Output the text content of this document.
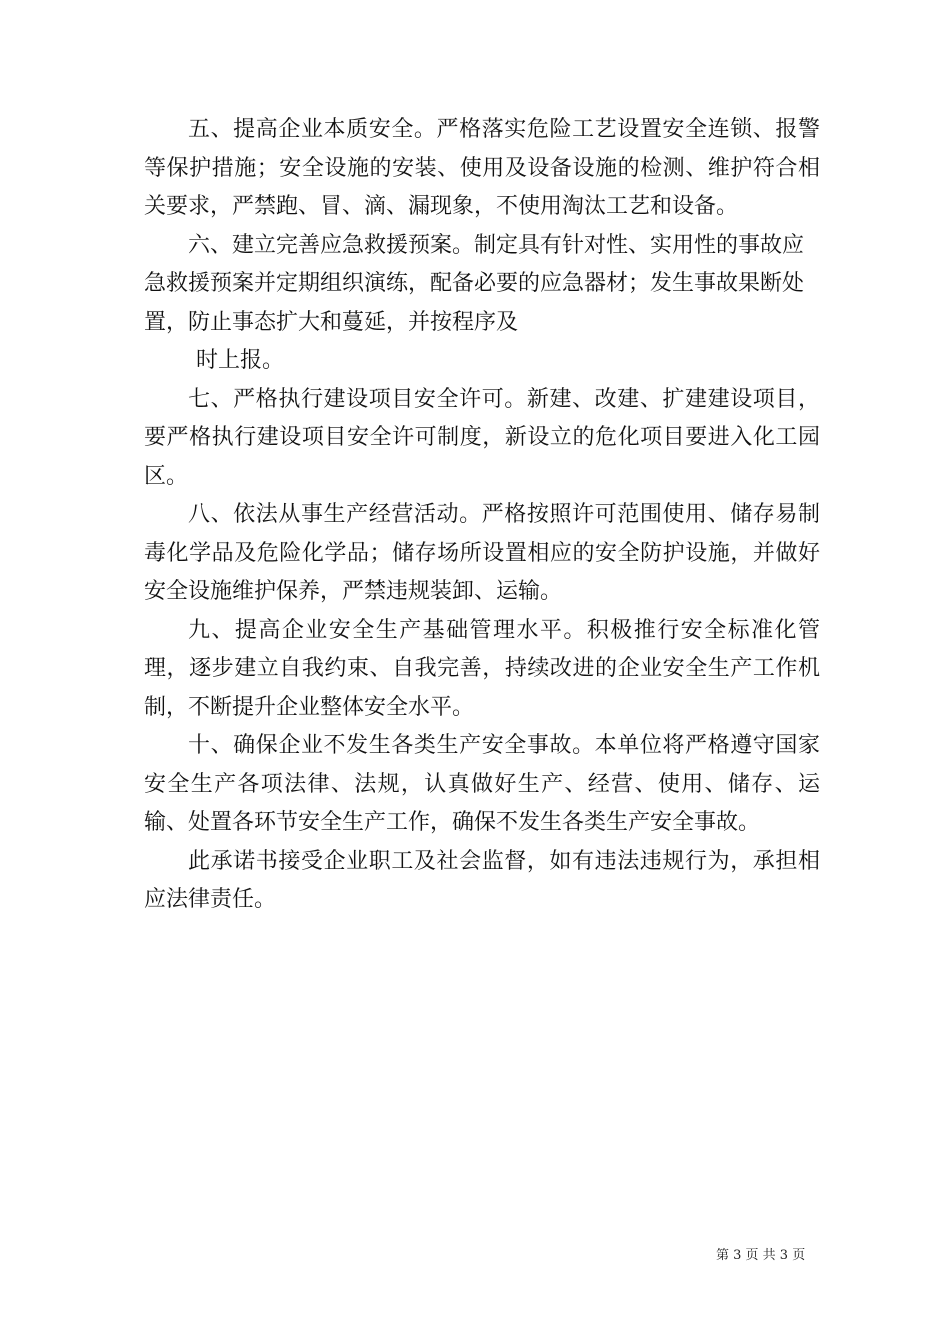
五、提高企业本质安全。严格落实危险工艺设置安全连锁、报警等保护措施；安全设施的安装、使用及设备设施的检测、维护符合相关要求，严禁跑、冒、滴、漏现象，不使用淘汰工艺和设备。

六、建立完善应急救援预案。制定具有针对性、实用性的事故应急救援预案并定期组织演练，配备必要的应急器材；发生事故果断处置，防止事态扩大和蔓延，并按程序及

时上报。

七、严格执行建设项目安全许可。新建、改建、扩建建设项目，要严格执行建设项目安全许可制度，新设立的危化项目要进入化工园区。

八、依法从事生产经营活动。严格按照许可范围使用、储存易制毒化学品及危险化学品；储存场所设置相应的安全防护设施，并做好安全设施维护保养，严禁违规装卸、运输。

九、提高企业安全生产基础管理水平。积极推行安全标准化管理，逐步建立自我约束、自我完善，持续改进的企业安全生产工作机制，不断提升企业整体安全水平。

十、确保企业不发生各类生产安全事故。本单位将严格遵守国家安全生产各项法律、法规，认真做好生产、经营、使用、储存、运输、处置各环节安全生产工作，确保不发生各类生产安全事故。

此承诺书接受企业职工及社会监督，如有违法违规行为，承担相应法律责任。

第 3 页 共 3 页
